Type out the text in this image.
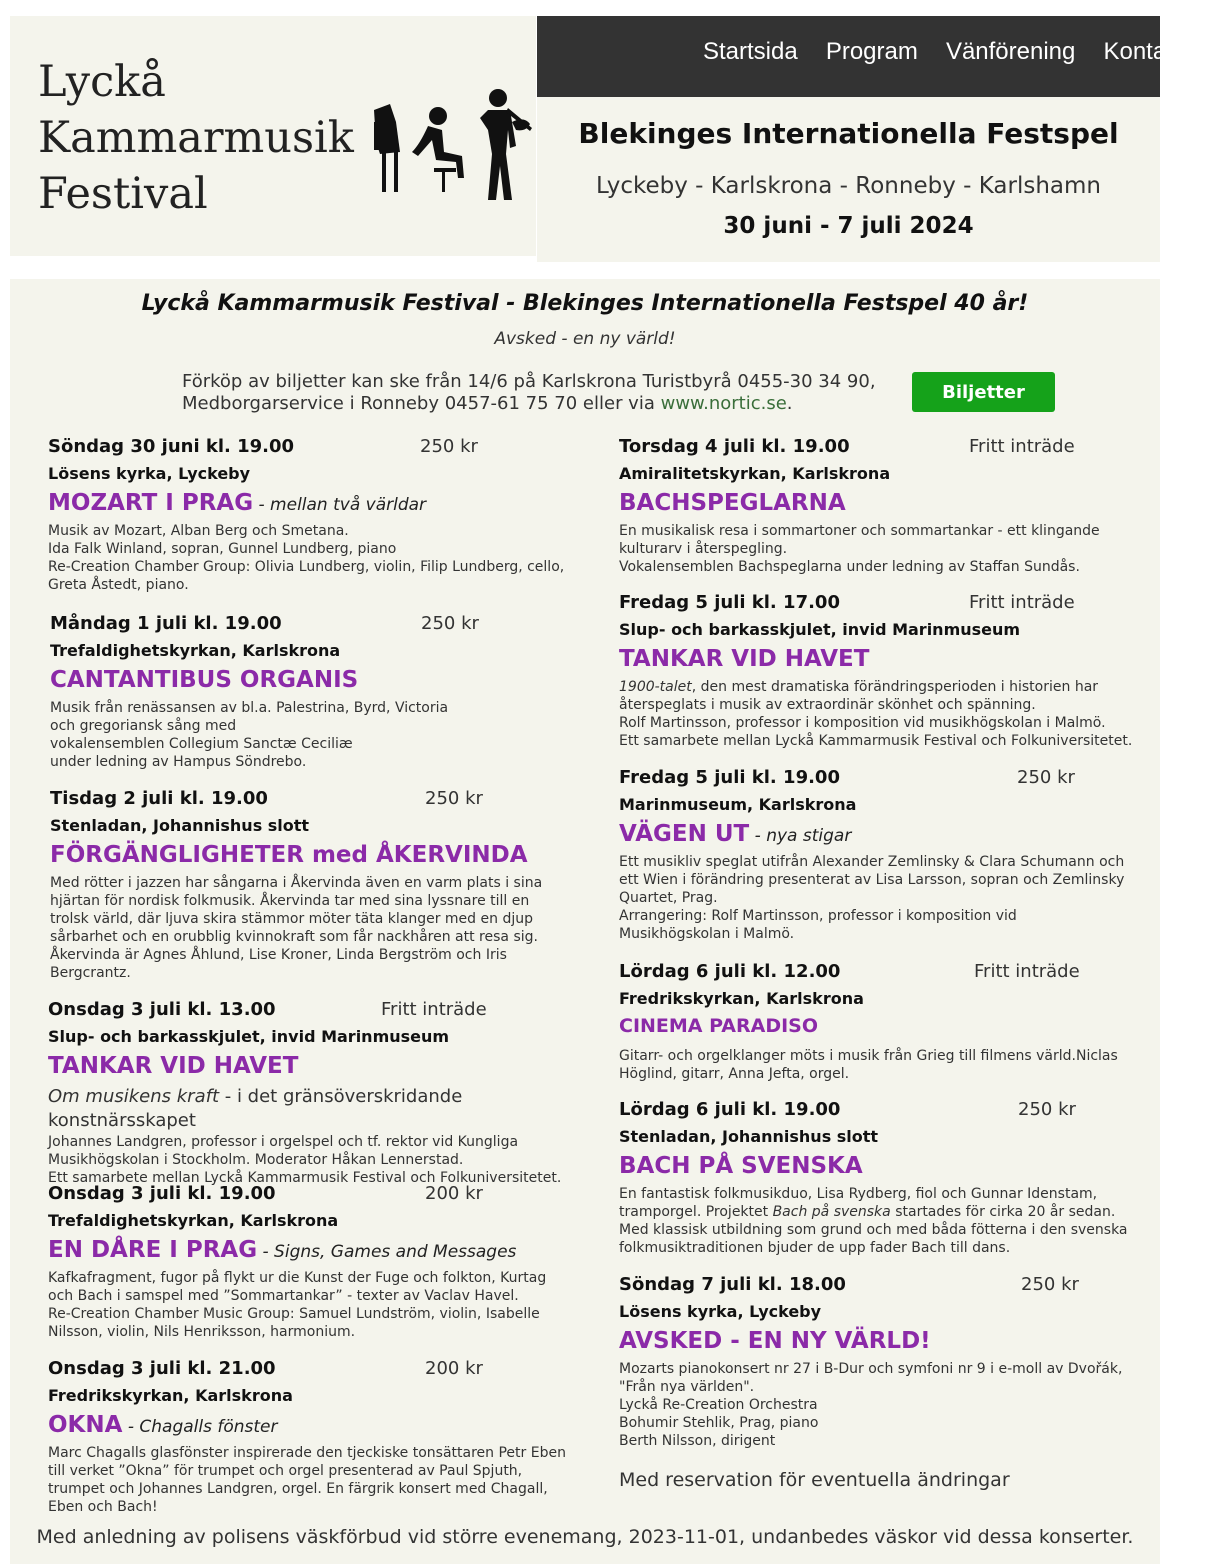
Lyckå
Kammarmusik
Festival
Startsida Program Vänförening Kontakt
Blekinges Internationella Festspel
Lyckeby - Karlskrona - Ronneby - Karlshamn
30 juni - 7 juli 2024
Lyckå Kammarmusik Festival - Blekinges Internationella Festspel 40 år!
Avsked - en ny värld!
Förköp av biljetter kan ske från 14/6 på Karlskrona Turistbyrå 0455-30 34 90,
Medborgarservice i Ronneby 0457-61 75 70 eller via www.nortic.se.
Biljetter
Söndag 30 juni kl. 19.00	250 kr
Lösens kyrka, Lyckeby
MOZART I PRAG - mellan två världar
Musik av Mozart, Alban Berg och Smetana.
Ida Falk Winland, sopran, Gunnel Lundberg, piano
Re-Creation Chamber Group: Olivia Lundberg, violin, Filip Lundberg, cello,
Greta Åstedt, piano.
Måndag 1 juli kl. 19.00	250 kr
Trefaldighetskyrkan, Karlskrona
CANTANTIBUS ORGANIS
Musik från renässansen av bl.a. Palestrina, Byrd, Victoria
och gregoriansk sång med
vokalensemblen Collegium Sanctæ Ceciliæ
under ledning av Hampus Söndrebo.
Tisdag 2 juli kl. 19.00	250 kr
Stenladan, Johannishus slott
FÖRGÄNGLIGHETER med ÅKERVINDA
Med rötter i jazzen har sångarna i Åkervinda även en varm plats i sina
hjärtan för nordisk folkmusik. Åkervinda tar med sina lyssnare till en
trolsk värld, där ljuva skira stämmor möter täta klanger med en djup
sårbarhet och en orubblig kvinnokraft som får nackhåren att resa sig.
Åkervinda är Agnes Åhlund, Lise Kroner, Linda Bergström och Iris
Bergcrantz.
Onsdag 3 juli kl. 13.00	Fritt inträde
Slup- och barkasskjulet, invid Marinmuseum
TANKAR VID HAVET
Om musikens kraft - i det gränsöverskridande konstnärsskapet
Johannes Landgren, professor i orgelspel och tf. rektor vid Kungliga
Musikhögskolan i Stockholm. Moderator Håkan Lennerstad.
Ett samarbete mellan Lyckå Kammarmusik Festival och Folkuniversitetet.
Onsdag 3 juli kl. 19.00	200 kr
Trefaldighetskyrkan, Karlskrona
EN DÅRE I PRAG - Signs, Games and Messages
Kafkafragment, fugor på flykt ur die Kunst der Fuge och folkton, Kurtag
och Bach i samspel med ”Sommartankar” - texter av Vaclav Havel.
Re-Creation Chamber Music Group: Samuel Lundström, violin, Isabelle
Nilsson, violin, Nils Henriksson, harmonium.
Onsdag 3 juli kl. 21.00	200 kr
Fredrikskyrkan, Karlskrona
OKNA - Chagalls fönster
Marc Chagalls glasfönster inspirerade den tjeckiske tonsättaren Petr Eben
till verket ”Okna” för trumpet och orgel presenterad av Paul Spjuth,
trumpet och Johannes Landgren, orgel. En färgrik konsert med Chagall,
Eben och Bach!
Torsdag 4 juli kl. 19.00	Fritt inträde
Amiralitetskyrkan, Karlskrona
BACHSPEGLARNA
En musikalisk resa i sommartoner och sommartankar - ett klingande
kulturarv i återspegling.
Vokalensemblen Bachspeglarna under ledning av Staffan Sundås.
Fredag 5 juli kl. 17.00	Fritt inträde
Slup- och barkasskjulet, invid Marinmuseum
TANKAR VID HAVET
1900-talet, den mest dramatiska förändringsperioden i historien har
återspeglats i musik av extraordinär skönhet och spänning.
Rolf Martinsson, professor i komposition vid musikhögskolan i Malmö.
Ett samarbete mellan Lyckå Kammarmusik Festival och Folkuniversitetet.
Fredag 5 juli kl. 19.00	250 kr
Marinmuseum, Karlskrona
VÄGEN UT - nya stigar
Ett musikliv speglat utifrån Alexander Zemlinsky & Clara Schumann och
ett Wien i förändring presenterat av Lisa Larsson, sopran och Zemlinsky
Quartet, Prag.
Arrangering: Rolf Martinsson, professor i komposition vid
Musikhögskolan i Malmö.
Lördag 6 juli kl. 12.00	Fritt inträde
Fredrikskyrkan, Karlskrona
CINEMA PARADISO
Gitarr- och orgelklanger möts i musik från Grieg till filmens värld.Niclas
Höglind, gitarr, Anna Jefta, orgel.
Lördag 6 juli kl. 19.00	250 kr
Stenladan, Johannishus slott
BACH PÅ SVENSKA
En fantastisk folkmusikduo, Lisa Rydberg, fiol och Gunnar Idenstam,
tramporgel. Projektet Bach på svenska startades för cirka 20 år sedan.
Med klassisk utbildning som grund och med båda fötterna i den svenska
folkmusiktraditionen bjuder de upp fader Bach till dans.
Söndag 7 juli kl. 18.00	250 kr
Lösens kyrka, Lyckeby
AVSKED - EN NY VÄRLD!
Mozarts pianokonsert nr 27 i B-Dur och symfoni nr 9 i e-moll av Dvořák,
"Från nya världen".
Lyckå Re-Creation Orchestra
Bohumir Stehlik, Prag, piano
Berth Nilsson, dirigent
Med reservation för eventuella ändringar
Med anledning av polisens väskförbud vid större evenemang, 2023-11-01, undanbedes väskor vid dessa konserter.
